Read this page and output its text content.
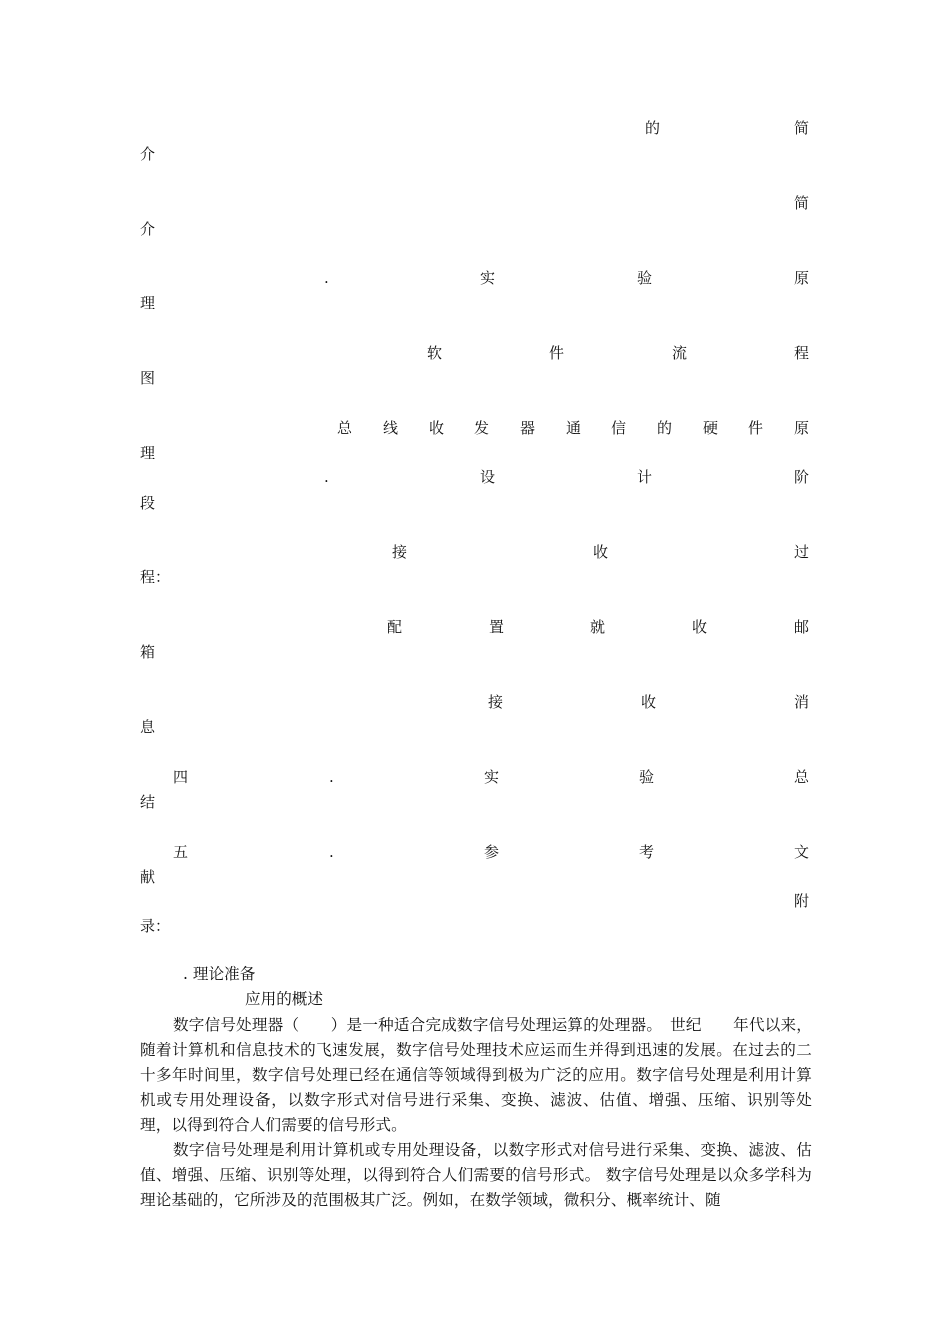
的	简
介
简
介
.	实	验	原
理
软	件	流	程
图
总 线 收 发 器 通 信 的 硬 件 原
理
.	设	计	阶
段
接	收	过
程：
配	置	就	收	邮
箱
接	收	消
息
四	.	实	验	总
结
五	.	参	考	文
献
附
录：
. 理论准备
应用的概述

数字信号处理器（　　）是一种适合完成数字信号处理运算的处理器。　世纪　　年代以来，随着计算机和信息技术的飞速发展，数字信号处理技术应运而生并得到迅速的发展。在过去的二十多年时间里，数字信号处理已经在通信等领域得到极为广泛的应用。数字信号处理是利用计算机或专用处理设备，以数字形式对信号进行采集、变换、滤波、估值、增强、压缩、识别等处理，以得到符合人们需要的信号形式。

数字信号处理是利用计算机或专用处理设备，以数字形式对信号进行采集、变换、滤波、估值、增强、压缩、识别等处理，以得到符合人们需要的信号形式。 数字信号处理是以众多学科为理论基础的，它所涉及的范围极其广泛。例如，在数学领域，微积分、概率统计、随
